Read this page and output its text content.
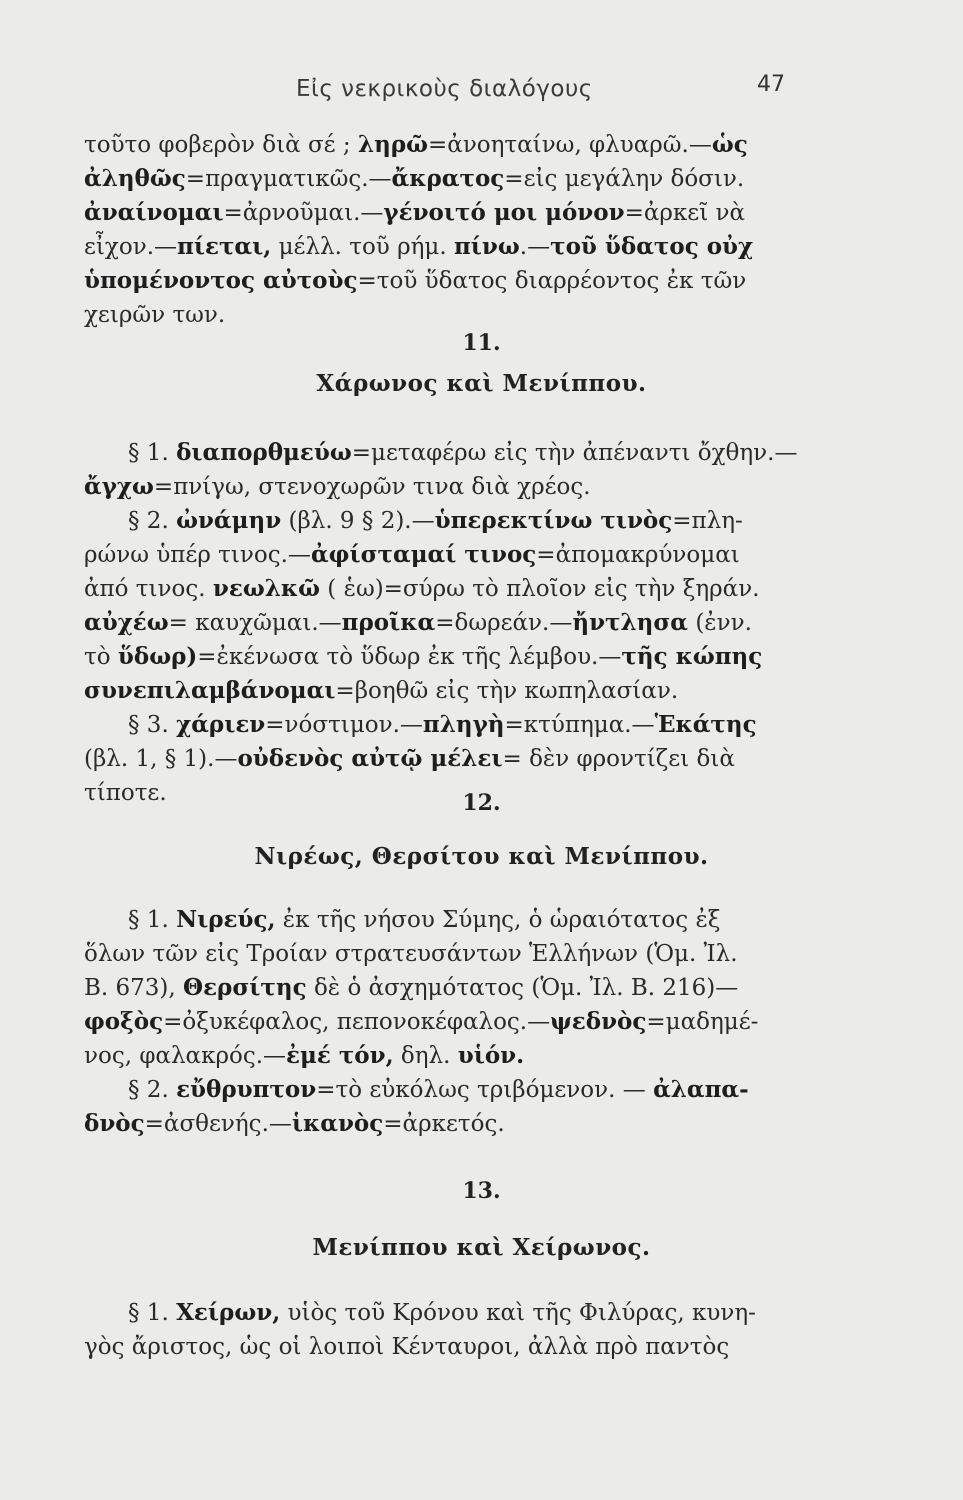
Εἰς νεκρικοὺς διαλόγους	47

τοῦτο φοβερὸν διὰ σέ ; ληρῶ=ἀνοηταίνω, φλυαρῶ.—ὡς

ἀληθῶς=πραγματικῶς.—ἄκρατος=εἰς μεγάλην δόσιν.

ἀναίνομαι=ἀρνοῦμαι.—γένοιτό μοι μόνον=ἀρκεῖ νὰ

εἶχον.—πίεται, μέλλ. τοῦ ρήμ. πίνω.—τοῦ ὕδατος οὐχ

ὑπομένοντος αὐτοὺς=τοῦ ὕδατος διαρρέοντος ἐκ τῶν

χειρῶν των.

11.
Χάρωνος καὶ Μενίππου.

§ 1. διαπορθμεύω=μεταφέρω εἰς τὴν ἀπέναντι ὄχθην.—

ἄγχω=πνίγω, στενοχωρῶν τινα διὰ χρέος.

§ 2. ὠνάμην (βλ. 9 § 2).—ὑπερεκτίνω τινὸς=πλη-

ρώνω ὑπέρ τινος.—ἀφίσταμαί τινος=ἀπομακρύνομαι

ἀπό τινος. νεωλκῶ ( ἑω)=σύρω τὸ πλοῖον εἰς τὴν ξηράν.

αὐχέω= καυχῶμαι.—προῖκα=δωρεάν.—ἤντλησα (ἐνν.

τὸ ὕδωρ)=ἐκένωσα τὸ ὕδωρ ἐκ τῆς λέμβου.—τῆς κώπης

συνεπιλαμβάνομαι=βοηθῶ εἰς τὴν κωπηλασίαν.

§ 3. χάριεν=νόστιμον.—πληγὴ=κτύπημα.—Ἑκάτης

(βλ. 1, § 1).—οὐδενὸς αὐτῷ μέλει= δὲν φροντίζει διὰ

τίποτε.	12.
Νιρέως, Θερσίτου καὶ Μενίππου.

§ 1. Νιρεύς, ἐκ τῆς νήσου Σύμης, ὁ ὡραιότατος ἐξ

ὅλων τῶν εἰς Τροίαν στρατευσάντων Ἑλλήνων (Ὁμ. Ἰλ.

Β. 673), Θερσίτης δὲ ὁ ἀσχημότατος (Ὁμ. Ἰλ. Β. 216)—

φοξὸς=ὀξυκέφαλος, πεπονοκέφαλος.—ψεδνὸς=μαδημέ-

νος, φαλακρός.—ἐμέ τόν, δηλ. υἱόν.

§ 2. εὔθρυπτον=τὸ εὐκόλως τριβόμενον. — ἀλαπα-

δνὸς=ἀσθενής.—ἱκανὸς=ἀρκετός.

13.
Μενίππου καὶ Χείρωνος.

§ 1. Χείρων, υἱὸς τοῦ Κρόνου καὶ τῆς Φιλύρας, κυνη-

γὸς ἄριστος, ὡς οἱ λοιποὶ Κένταυροι, ἀλλὰ πρὸ παντὸς
